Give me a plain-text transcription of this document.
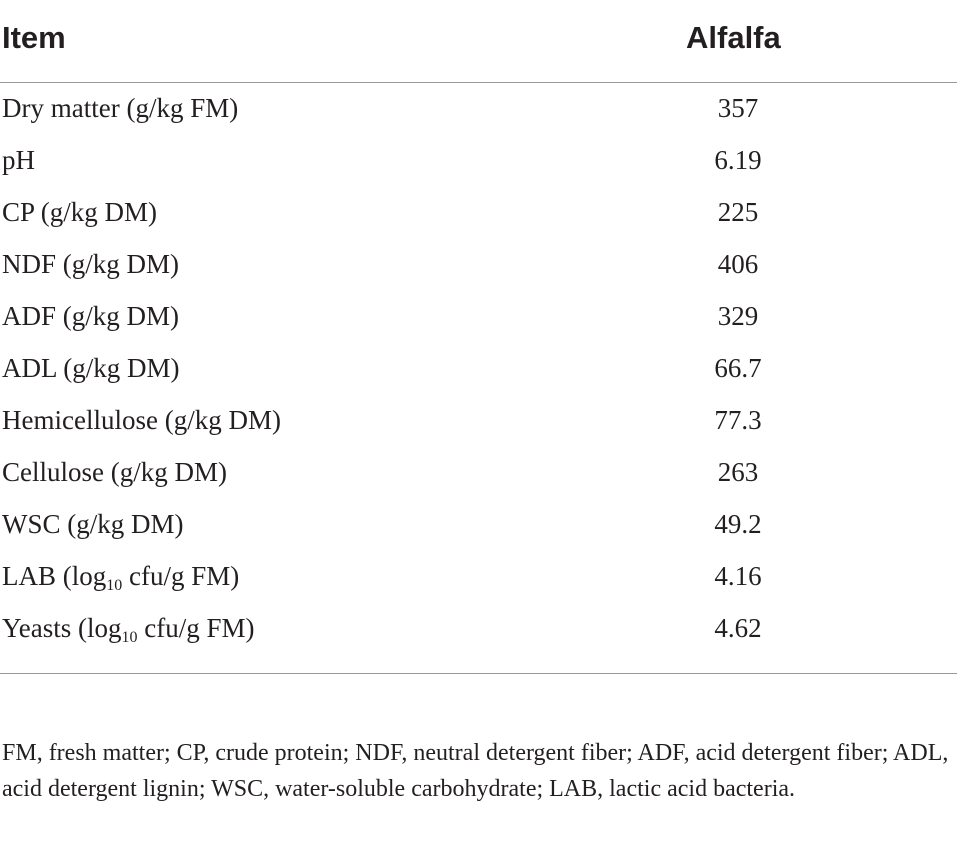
Item	Alfalfa
Dry matter (g/kg FM)	357
pH	6.19
CP (g/kg DM)	225
NDF (g/kg DM)	406
ADF (g/kg DM)	329
ADL (g/kg DM)	66.7
Hemicellulose (g/kg DM)	77.3
Cellulose (g/kg DM)	263
WSC (g/kg DM)	49.2
LAB ($\log_{10}$ cfu/g FM)	4.16
Yeasts ($\log_{10}$ cfu/g FM)	4.62
FM, fresh matter; CP, crude protein; NDF, neutral detergent fiber; ADF, acid detergent fiber; ADL, acid detergent lignin; WSC, water-soluble carbohydrate; LAB, lactic acid bacteria.
